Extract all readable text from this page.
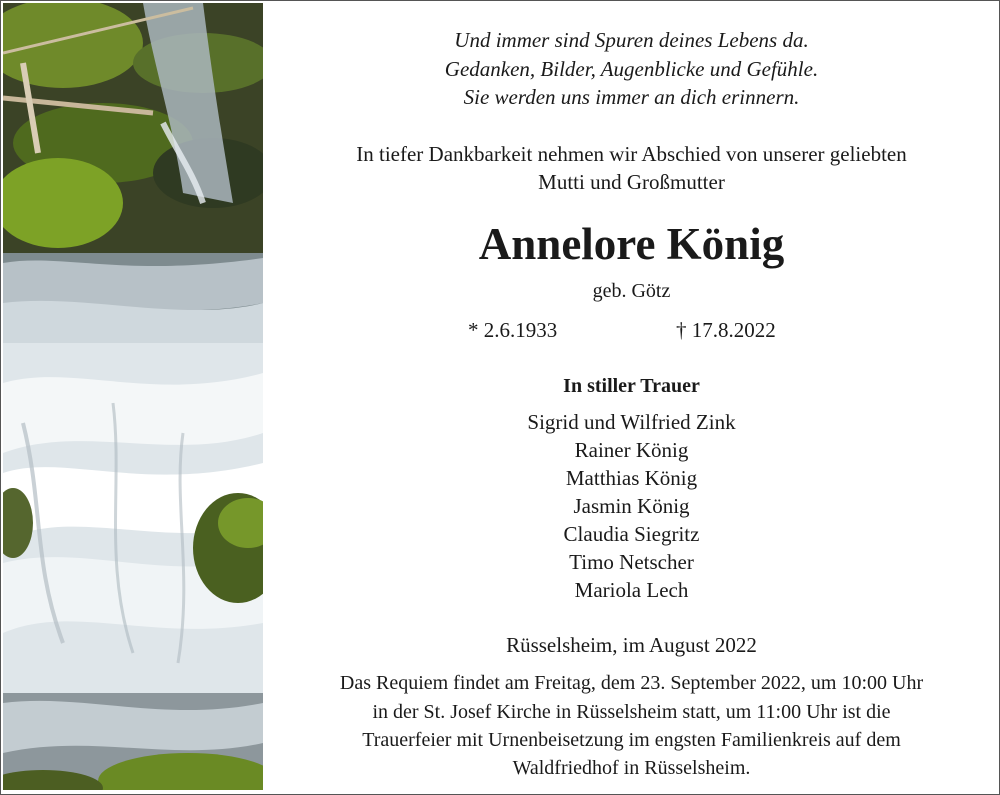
Und immer sind Spuren deines Lebens da.
Gedanken, Bilder, Augenblicke und Gefühle.
Sie werden uns immer an dich erinnern.
In tiefer Dankbarkeit nehmen wir Abschied von unserer geliebten
Mutti und Großmutter
Annelore König
geb. Götz
* 2.6.1933	† 17.8.2022
In stiller Trauer
Sigrid und Wilfried Zink
Rainer König
Matthias König
Jasmin König
Claudia Siegritz
Timo Netscher
Mariola Lech
Rüsselsheim, im August 2022
Das Requiem findet am Freitag, dem 23. September 2022, um 10:00 Uhr
in der St. Josef Kirche in Rüsselsheim statt, um 11:00 Uhr ist die
Trauerfeier mit Urnenbeisetzung im engsten Familienkreis auf dem
Waldfriedhof in Rüsselsheim.
